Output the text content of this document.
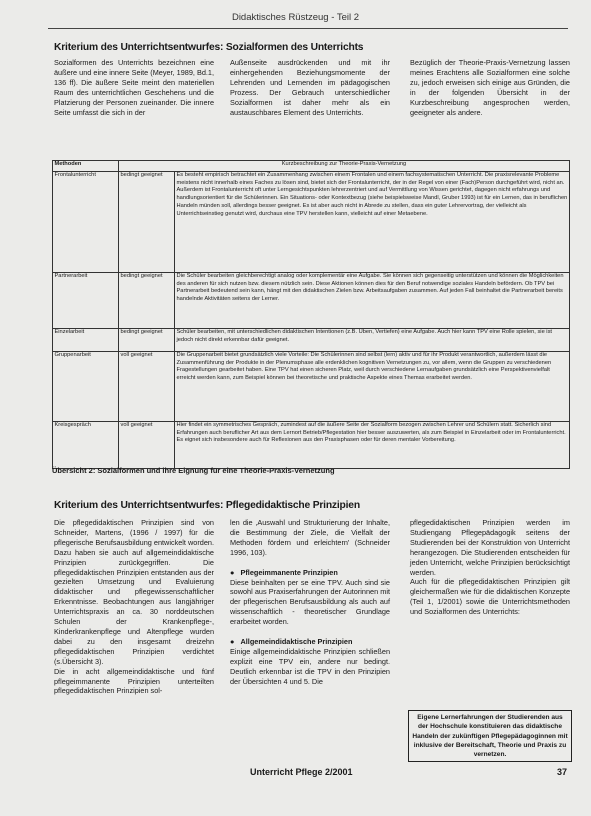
Didaktisches Rüstzeug - Teil 2
Kriterium des Unterrichtsentwurfes: Sozialformen des Unterrichts
Sozialformen des Unterrichts bezeichnen eine äußere und eine innere Seite (Meyer, 1989, Bd.1, 136 ff). Die äußere Seite meint den materiellen Raum des unterrichtlichen Geschehens und die Platzierung der Personen zueinander. Die innere Seite umfasst die sich in der
Außenseite ausdrückenden und mit ihr einhergehenden Beziehungsmomente der Lehrenden und Lernenden im pädagogischen Prozess. Der Gebrauch unterschiedlicher Sozialformen ist daher mehr als ein austauschbares Element des Unterrichts.
Bezüglich der Theorie-Praxis-Vernetzung lassen meines Erachtens alle Sozialformen eine solche zu, jedoch erweisen sich einige aus Gründen, die in der folgenden Übersicht in der Kurzbeschreibung angesprochen werden, geeigneter als andere.
Methoden	Kurzbeschreibung zur Theorie-Praxis-Vernetzung	
Frontalunterricht	bedingt geeignet	Es besteht empirisch betrachtet ein Zusammenhang zwischen einem Frontalen und einem fachsystematischen Unterricht. Die praxisrelevante Probleme meistens nicht innerhalb eines Faches zu lösen sind, bietet sich der Frontalunterricht, der in der Regel von einer (Fach)Person durchgeführt wird, nicht an. Außerdem ist Frontalunterricht oft unter Lerngesichtspunkten lehrerzentriert und auf Vermittlung von Wissen gerichtet, dagegen nicht erfahrungs und handlungsorientiert für die Schülerinnen. Ein Situations- oder Kontextbezug (siehe beispielsweise Mandl, Gruber 1993) ist für ein Lernen, das in beruflichen Handeln münden soll, allerdings besser geeignet. Es ist aber auch nicht in Abrede zu stellen, dass ein guter Lehrervortrag, der vielleicht als Unterrichtseinstieg genutzt wird, durchaus eine TPV herstellen kann, vielleicht auf einer Metaebene.
Partnerarbeit	bedingt geeignet	Die Schüler bearbeiten gleichberechtigt analog oder komplementär eine Aufgabe. Sie können sich gegenseitig unterstützen und können die Möglichkeiten des anderen für sich nutzen bzw. diesem nützlich sein. Diese Aktionen können dies für den Beruf notwendige soziales Handeln befördern. Ob TPV bei Partnerarbeit bedeutend sein kann, hängt mit den didaktischen Zielen bzw. Arbeitsaufgaben zusammen. Auf jeden Fall beinhaltet die Partnerarbeit bereits handelnde Aktivitäten seitens der Lerner.
Einzelarbeit	bedingt geeignet	Schüler bearbeiten, mit unterschiedlichen didaktischen Intentionen (z.B. Üben, Vertiefen) eine Aufgabe. Auch hier kann TPV eine Rolle spielen, sie ist jedoch nicht direkt erkennbar dafür geeignet.
Gruppenarbeit	voll geeignet	Die Gruppenarbeit bietet grundsätzlich viele Vorteile: Die Schülerinnen sind selbst (lern) aktiv und für ihr Produkt verantwortlich, außerdem lässt die Zusammenführung der Produkte in der Plenumsphase alle erdenklichen kognitiven Vernetzungen zu, vor allem, wenn die Gruppen zu verschiedenen Fragestellungen gearbeitet haben. Eine TPV hat einen sicheren Platz, weil durch verschiedene Lernaufgaben grundsätzlich eine Perspektivenvielfalt erreicht werden kann, zum Beispiel können bei theoretische und praktische Aspekte eines Themas erarbeitet werden.
Kreisgespräch	voll geeignet	Hier findet ein symmetrisches Gespräch, zumindest auf die äußere Seite der Sozialform bezogen zwischen Lehrer und Schülern statt. Sicherlich sind Erfahrungen auch beruflicher Art aus dem Lernort Betrieb/Pflegestation hier besser auszuwerten, als zum Beispiel in Einzelarbeit oder im Frontalunterricht. Es eignet sich insbesondere auch für Reflexionen aus den Praxisphasen oder für deren mentaler Vorbereitung.
Übersicht 2: Sozialformen und ihre Eignung für eine Theorie-Praxis-Vernetzung
Kriterium des Unterrichtsentwurfes: Pflegedidaktische Prinzipien

Die pflegedidaktischen Prinzipien sind von Schneider, Martens, (1996 / 1997) für die pflegerische Berufsausbildung entwickelt worden. Dazu haben sie auch auf allgemeindidaktische Prinzipien zurückgegriffen. Die pflegedidaktischen Prinzipien entstanden aus der gezielten Umsetzung und Evaluierung didaktischer und pflegewissenschaftlicher Erkenntnisse. Beobachtungen aus langjähriger Unterrichtspraxis an ca. 30 norddeutschen Schulen der Krankenpflege-, Kinderkrankenpflege und Altenpflege wurden dabei zu den insgesamt dreizehn pflegedidaktischen Prinzipien verdichtet (s.Übersicht 3).

Die in acht allgemeindidaktische und fünf pflegeimmanente Prinzipien unterteilten pflegedidaktischen Prinzipien sol-

len die ‚Auswahl und Strukturierung der Inhalte, die Bestimmung der Ziele, die Vielfalt der Methoden fördern und erleichtern' (Schneider 1996, 103).

●   Pflegeimmanente Prinzipien

Diese beinhalten per se eine TPV. Auch sind sie sowohl aus Praxiserfahrungen der Autorinnen mit der pflegerischen Berufsausbildung als auch auf wissenschaftlich - theoretischer Grundlage erarbeitet worden.

●   Allgemeindidaktische Prinzipien

Einige allgemeindidaktische Prinzipien schließen explizit eine TPV ein, andere nur bedingt. Deutlich erkennbar ist die TPV in den Prinzipien der Übersichten 4 und 5. Die

pflegedidaktischen Prinzipien werden im Studiengang Pflegepädagogik seitens der Studierenden bei der Konstruktion von Unterricht herangezogen. Die Studierenden entscheiden für jeden Unterricht, welche Prinzipien berücksichtigt werden.

Auch für die pflegedidaktischen Prinzipien gilt gleichermaßen wie für die didaktischen Konzepte (Teil 1, 1/2001) sowie die Unterrichtsmethoden und Sozialformen des Unterrichts:

Eigene Lernerfahrungen der Studierenden aus der Hochschule konstituieren das didaktische Handeln der zukünftigen Pflegepädagoginnen mit inklusive der Bereitschaft, Theorie und Praxis zu vernetzen.
Unterricht Pflege 2/2001	37
